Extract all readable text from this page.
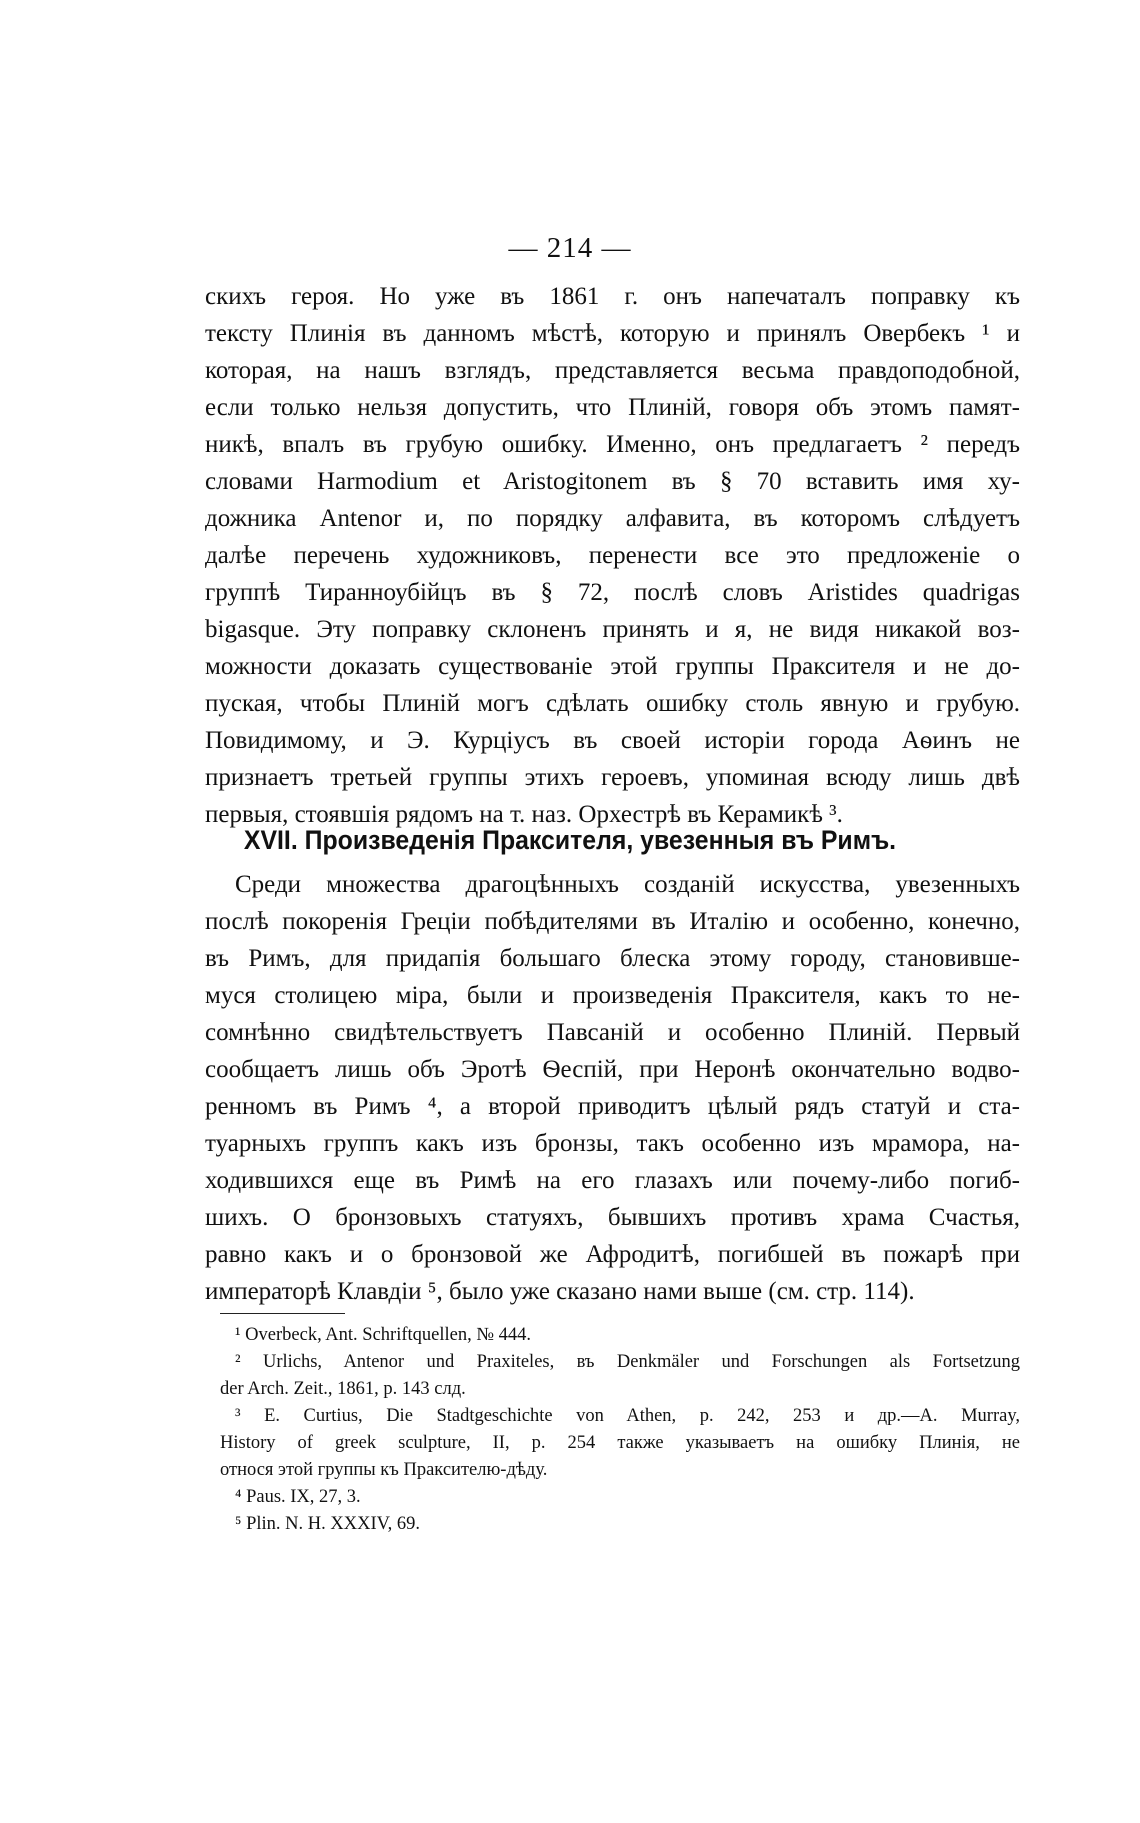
— 214 —
скихъ героя. Но уже въ 1861 г. онъ напечаталъ поправку къ
тексту Плинія въ данномъ мѣстѣ, которую и принялъ Овербекъ ¹ и
которая, на нашъ взглядъ, представляется весьма правдоподобной,
если только нельзя допустить, что Плиній, говоря объ этомъ памят-
никѣ, впалъ въ грубую ошибку. Именно, онъ предлагаетъ ² передъ
словами Harmodium et Aristogitonem въ § 70 вставить имя ху-
дожника Antenor и, по порядку алфавита, въ которомъ слѣдуетъ
далѣе перечень художниковъ, перенести все это предложеніе о
группѣ Тиранноубійцъ въ § 72, послѣ словъ Aristides quadrigas
bigasque. Эту поправку склоненъ принять и я, не видя никакой воз-
можности доказать существованіе этой группы Праксителя и не до-
пуская, чтобы Плиній могъ сдѣлать ошибку столь явную и грубую.
Повидимому, и Э. Курціусъ въ своей исторіи города Аѳинъ не
признаетъ третьей группы этихъ героевъ, упоминая всюду лишь двѣ
первыя, стоявшія рядомъ на т. наз. Орхестрѣ въ Керамикѣ ³.
XVII. Произведенія Праксителя, увезенныя въ Римъ.
Среди множества драгоцѣнныхъ созданій искусства, увезенныхъ
послѣ покоренія Греціи побѣдителями въ Италію и особенно, конечно,
въ Римъ, для придапія большаго блеска этому городу, становивше-
муся столицею міра, были и произведенія Праксителя, какъ то не-
сомнѣнно свидѣтельствуетъ Павсаній и особенно Плиній. Первый
сообщаетъ лишь объ Эротѣ Ѳеспій, при Неронѣ окончательно водво-
ренномъ въ Римъ ⁴, а второй приводитъ цѣлый рядъ статуй и ста-
туарныхъ группъ какъ изъ бронзы, такъ особенно изъ мрамора, на-
ходившихся еще въ Римѣ на его глазахъ или почему-либо погиб-
шихъ. О бронзовыхъ статуяхъ, бывшихъ противъ храма Счастья,
равно какъ и о бронзовой же Афродитѣ, погибшей въ пожарѣ при
императорѣ Клавдіи ⁵, было уже сказано нами выше (см. стр. 114).
¹ Overbeck, Ant. Schriftquellen, № 444.
² Urlichs, Antenor und Praxiteles, въ Denkmäler und Forschungen als Fortsetzung
der Arch. Zeit., 1861, p. 143 слд.
³ E. Curtius, Die Stadtgeschichte von Athen, p. 242, 253 и др.—A. Murray,
History of greek sculpture, II, p. 254 также указываетъ на ошибку Плинія, не
относя этой группы къ Праксителю-дѣду.
⁴ Paus. IX, 27, 3.
⁵ Plin. N. H. XXXIV, 69.
